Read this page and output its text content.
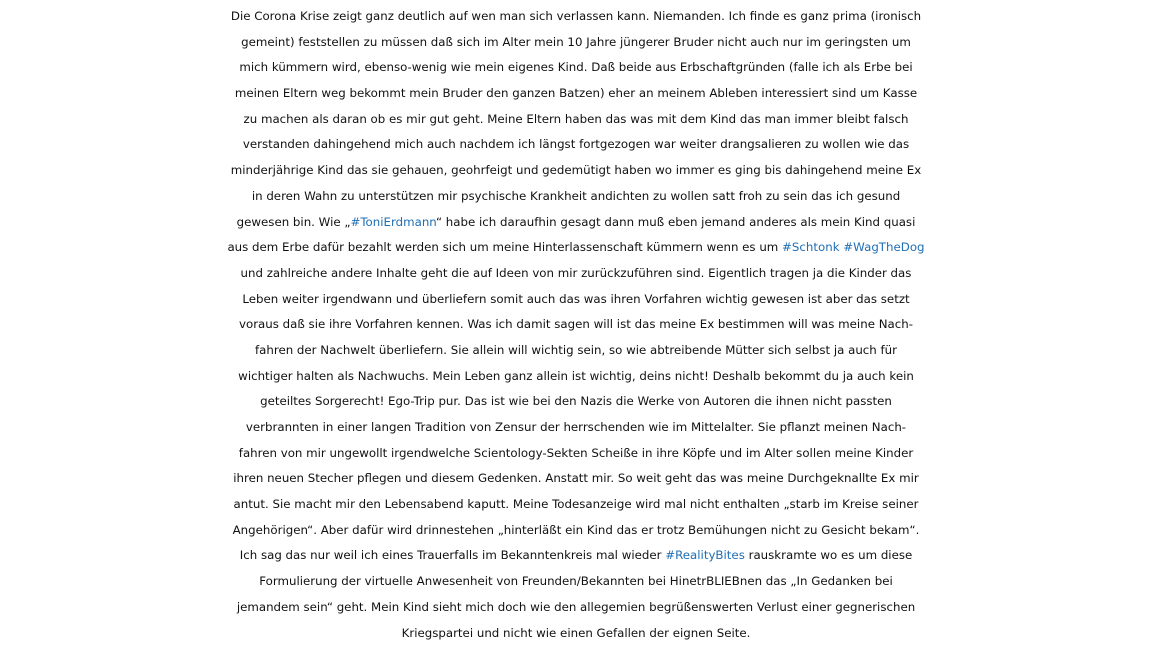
Die Corona Krise zeigt ganz deutlich auf wen man sich verlassen kann. Niemanden. Ich finde es ganz prima (ironisch
gemeint) feststellen zu müssen daß sich im Alter mein 10 Jahre jüngerer Bruder nicht auch nur im geringsten um
mich kümmern wird, ebenso-wenig wie mein eigenes Kind. Daß beide aus Erbschaftgründen (falle ich als Erbe bei
meinen Eltern weg bekommt mein Bruder den ganzen Batzen) eher an meinem Ableben interessiert sind um Kasse
zu machen als daran ob es mir gut geht. Meine Eltern haben das was mit dem Kind das man immer bleibt falsch
verstanden dahingehend mich auch nachdem ich längst fortgezogen war weiter drangsalieren zu wollen wie das
minderjährige Kind das sie gehauen, geohrfeigt und gedemütigt haben wo immer es ging bis dahingehend meine Ex
in deren Wahn zu unterstützen mir psychische Krankheit andichten zu wollen satt froh zu sein das ich gesund
gewesen bin. Wie „#ToniErdmann“ habe ich daraufhin gesagt dann muß eben jemand anderes als mein Kind quasi
aus dem Erbe dafür bezahlt werden sich um meine Hinterlassenschaft kümmern wenn es um #Schtonk #WagTheDog
und zahlreiche andere Inhalte geht die auf Ideen von mir zurückzuführen sind. Eigentlich tragen ja die Kinder das
Leben weiter irgendwann und überliefern somit auch das was ihren Vorfahren wichtig gewesen ist aber das setzt
voraus daß sie ihre Vorfahren kennen. Was ich damit sagen will ist das meine Ex bestimmen will was meine Nach-
fahren der Nachwelt überliefern. Sie allein will wichtig sein, so wie abtreibende Mütter sich selbst ja auch für
wichtiger halten als Nachwuchs. Mein Leben ganz allein ist wichtig, deins nicht! Deshalb bekommt du ja auch kein
geteiltes Sorgerecht! Ego-Trip pur. Das ist wie bei den Nazis die Werke von Autoren die ihnen nicht passten
verbrannten in einer langen Tradition von Zensur der herrschenden wie im Mittelalter. Sie pflanzt meinen Nach-
fahren von mir ungewollt irgendwelche Scientology-Sekten Scheiße in ihre Köpfe und im Alter sollen meine Kinder
ihren neuen Stecher pflegen und diesem Gedenken. Anstatt mir. So weit geht das was meine Durchgeknallte Ex mir
antut. Sie macht mir den Lebensabend kaputt. Meine Todesanzeige wird mal nicht enthalten „starb im Kreise seiner
Angehörigen“. Aber dafür wird drinnestehen „hinterläßt ein Kind das er trotz Bemühungen nicht zu Gesicht bekam“.
Ich sag das nur weil ich eines Trauerfalls im Bekanntenkreis mal wieder #RealityBites rauskramte wo es um diese
Formulierung der virtuelle Anwesenheit von Freunden/Bekannten bei HinetrBLIEBnen das „In Gedanken bei
jemandem sein“ geht. Mein Kind sieht mich doch wie den allegemien begrüßenswerten Verlust einer gegnerischen
Kriegspartei und nicht wie einen Gefallen der eignen Seite.
